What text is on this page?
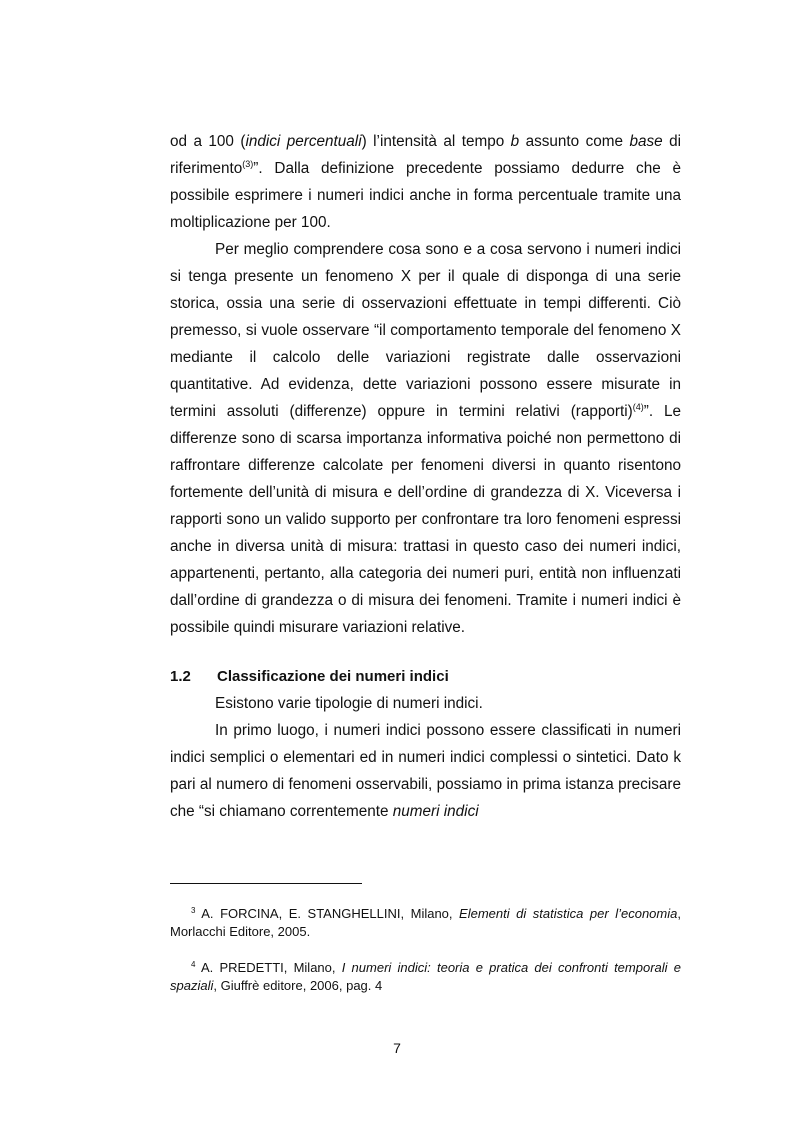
od a 100 (indici percentuali) l’intensità al tempo b assunto come base di riferimento$^{(3)}$”. Dalla definizione precedente possiamo dedurre che è possibile esprimere i numeri indici anche in forma percentuale tramite una moltiplicazione per 100.

Per meglio comprendere cosa sono e a cosa servono i numeri indici si tenga presente un fenomeno X per il quale di disponga di una serie storica, ossia una serie di osservazioni effettuate in tempi differenti. Ciò premesso, si vuole osservare “il comportamento temporale del fenomeno X mediante il calcolo delle variazioni registrate dalle osservazioni quantitative. Ad evidenza, dette variazioni possono essere misurate in termini assoluti (differenze) oppure in termini relativi (rapporti)$^{(4)}$”. Le differenze sono di scarsa importanza informativa poiché non permettono di raffrontare differenze calcolate per fenomeni diversi in quanto risentono fortemente dell’unità di misura e dell’ordine di grandezza di X. Viceversa i rapporti sono un valido supporto per confrontare tra loro fenomeni espressi anche in diversa unità di misura: trattasi in questo caso dei numeri indici, appartenenti, pertanto, alla categoria dei numeri puri, entità non influenzati dall’ordine di grandezza o di misura dei fenomeni. Tramite i numeri indici è possibile quindi misurare variazioni relative.

1.2 Classificazione dei numeri indici

Esistono varie tipologie di numeri indici.

In primo luogo, i numeri indici possono essere classificati in numeri indici semplici o elementari ed in numeri indici complessi o sintetici. Dato k pari al numero di fenomeni osservabili, possiamo in prima istanza precisare che “si chiamano correntemente numeri indici

$^3$ A. FORCINA, E. STANGHELLINI, Milano, Elementi di statistica per l’economia, Morlacchi Editore, 2005.

$^4$ A. PREDETTI, Milano, I numeri indici: teoria e pratica dei confronti temporali e spaziali, Giuffrè editore, 2006, pag. 4

7
